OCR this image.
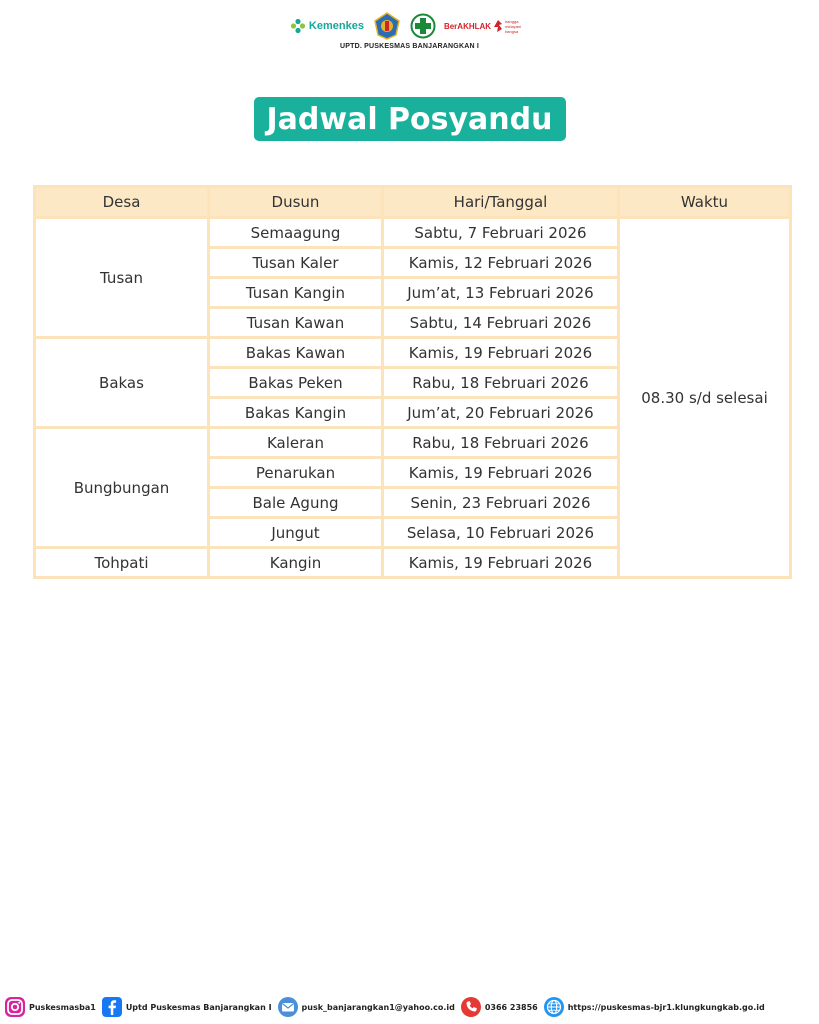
Kemenkes	BerAKHLAK
bangga melayani bangsa
UPTD. PUSKESMAS BANJARANGKAN I
Jadwal Posyandu
Desa	Dusun	Hari/Tanggal	Waktu
Tusan	Semaagung	Sabtu, 7 Februari 2026	08.30 s/d selesai
	Tusan Kaler	Kamis, 12 Februari 2026	
	Tusan Kangin	Jum’at, 13 Februari 2026	
	Tusan Kawan	Sabtu, 14 Februari 2026	
Bakas	Bakas Kawan	Kamis, 19 Februari 2026	
	Bakas Peken	Rabu, 18 Februari 2026	
	Bakas Kangin	Jum’at, 20 Februari 2026	
Bungbungan	Kaleran	Rabu, 18 Februari 2026	
	Penarukan	Kamis, 19 Februari 2026	
	Bale Agung	Senin, 23 Februari 2026	
	Jungut	Selasa, 10 Februari 2026	
Tohpati	Kangin	Kamis, 19 Februari 2026	
Puskesmasba1	Uptd Puskesmas Banjarangkan I	pusk_banjarangkan1@yahoo.co.id	0366 23856	https://puskesmas-bjr1.klungkungkab.go.id
